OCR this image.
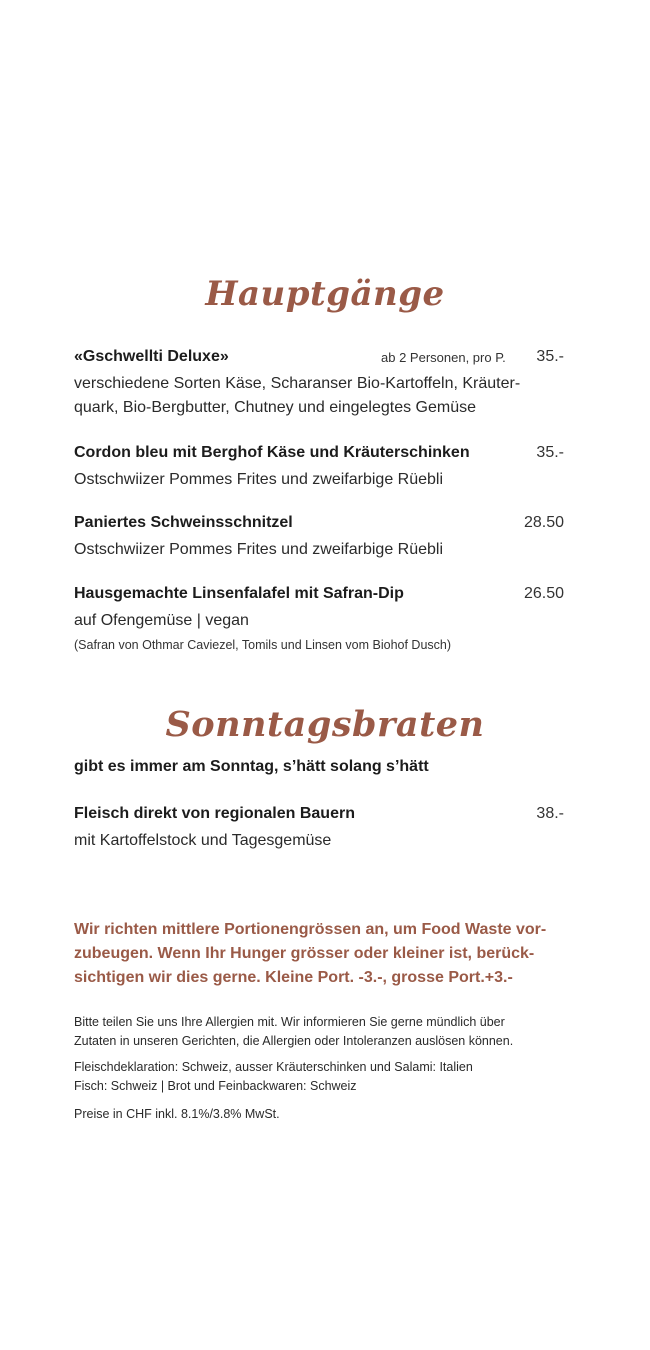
Hauptgänge
«Gschwellti Deluxe»	ab 2 Personen, pro P. 35.-

verschiedene Sorten Käse, Scharanser Bio-Kartoffeln, Kräuter-
quark, Bio-Bergbutter, Chutney und eingelegtes Gemüse

Cordon bleu mit Berghof Käse und Kräuterschinken	35.-

Ostschwiizer Pommes Frites und zweifarbige Rüebli

Paniertes Schweinsschnitzel	28.50

Ostschwiizer Pommes Frites und zweifarbige Rüebli

Hausgemachte Linsenfalafel mit Safran-Dip	26.50

auf Ofengemüse | vegan

(Safran von Othmar Caviezel, Tomils und Linsen vom Biohof Dusch)

Sonntagsbraten
gibt es immer am Sonntag, s’hätt solang s’hätt
Fleisch direkt von regionalen Bauern	38.-

mit Kartoffelstock und Tagesgemüse

Wir richten mittlere Portionengrössen an, um Food Waste vor-
zubeugen. Wenn Ihr Hunger grösser oder kleiner ist, berück-
sichtigen wir dies gerne. Kleine Port. -3.-, grosse Port.+3.-

Bitte teilen Sie uns Ihre Allergien mit. Wir informieren Sie gerne mündlich über
Zutaten in unseren Gerichten, die Allergien oder Intoleranzen auslösen können.

Fleischdeklaration: Schweiz, ausser Kräuterschinken und Salami: Italien
Fisch: Schweiz | Brot und Feinbackwaren: Schweiz

Preise in CHF inkl. 8.1%/3.8% MwSt.
